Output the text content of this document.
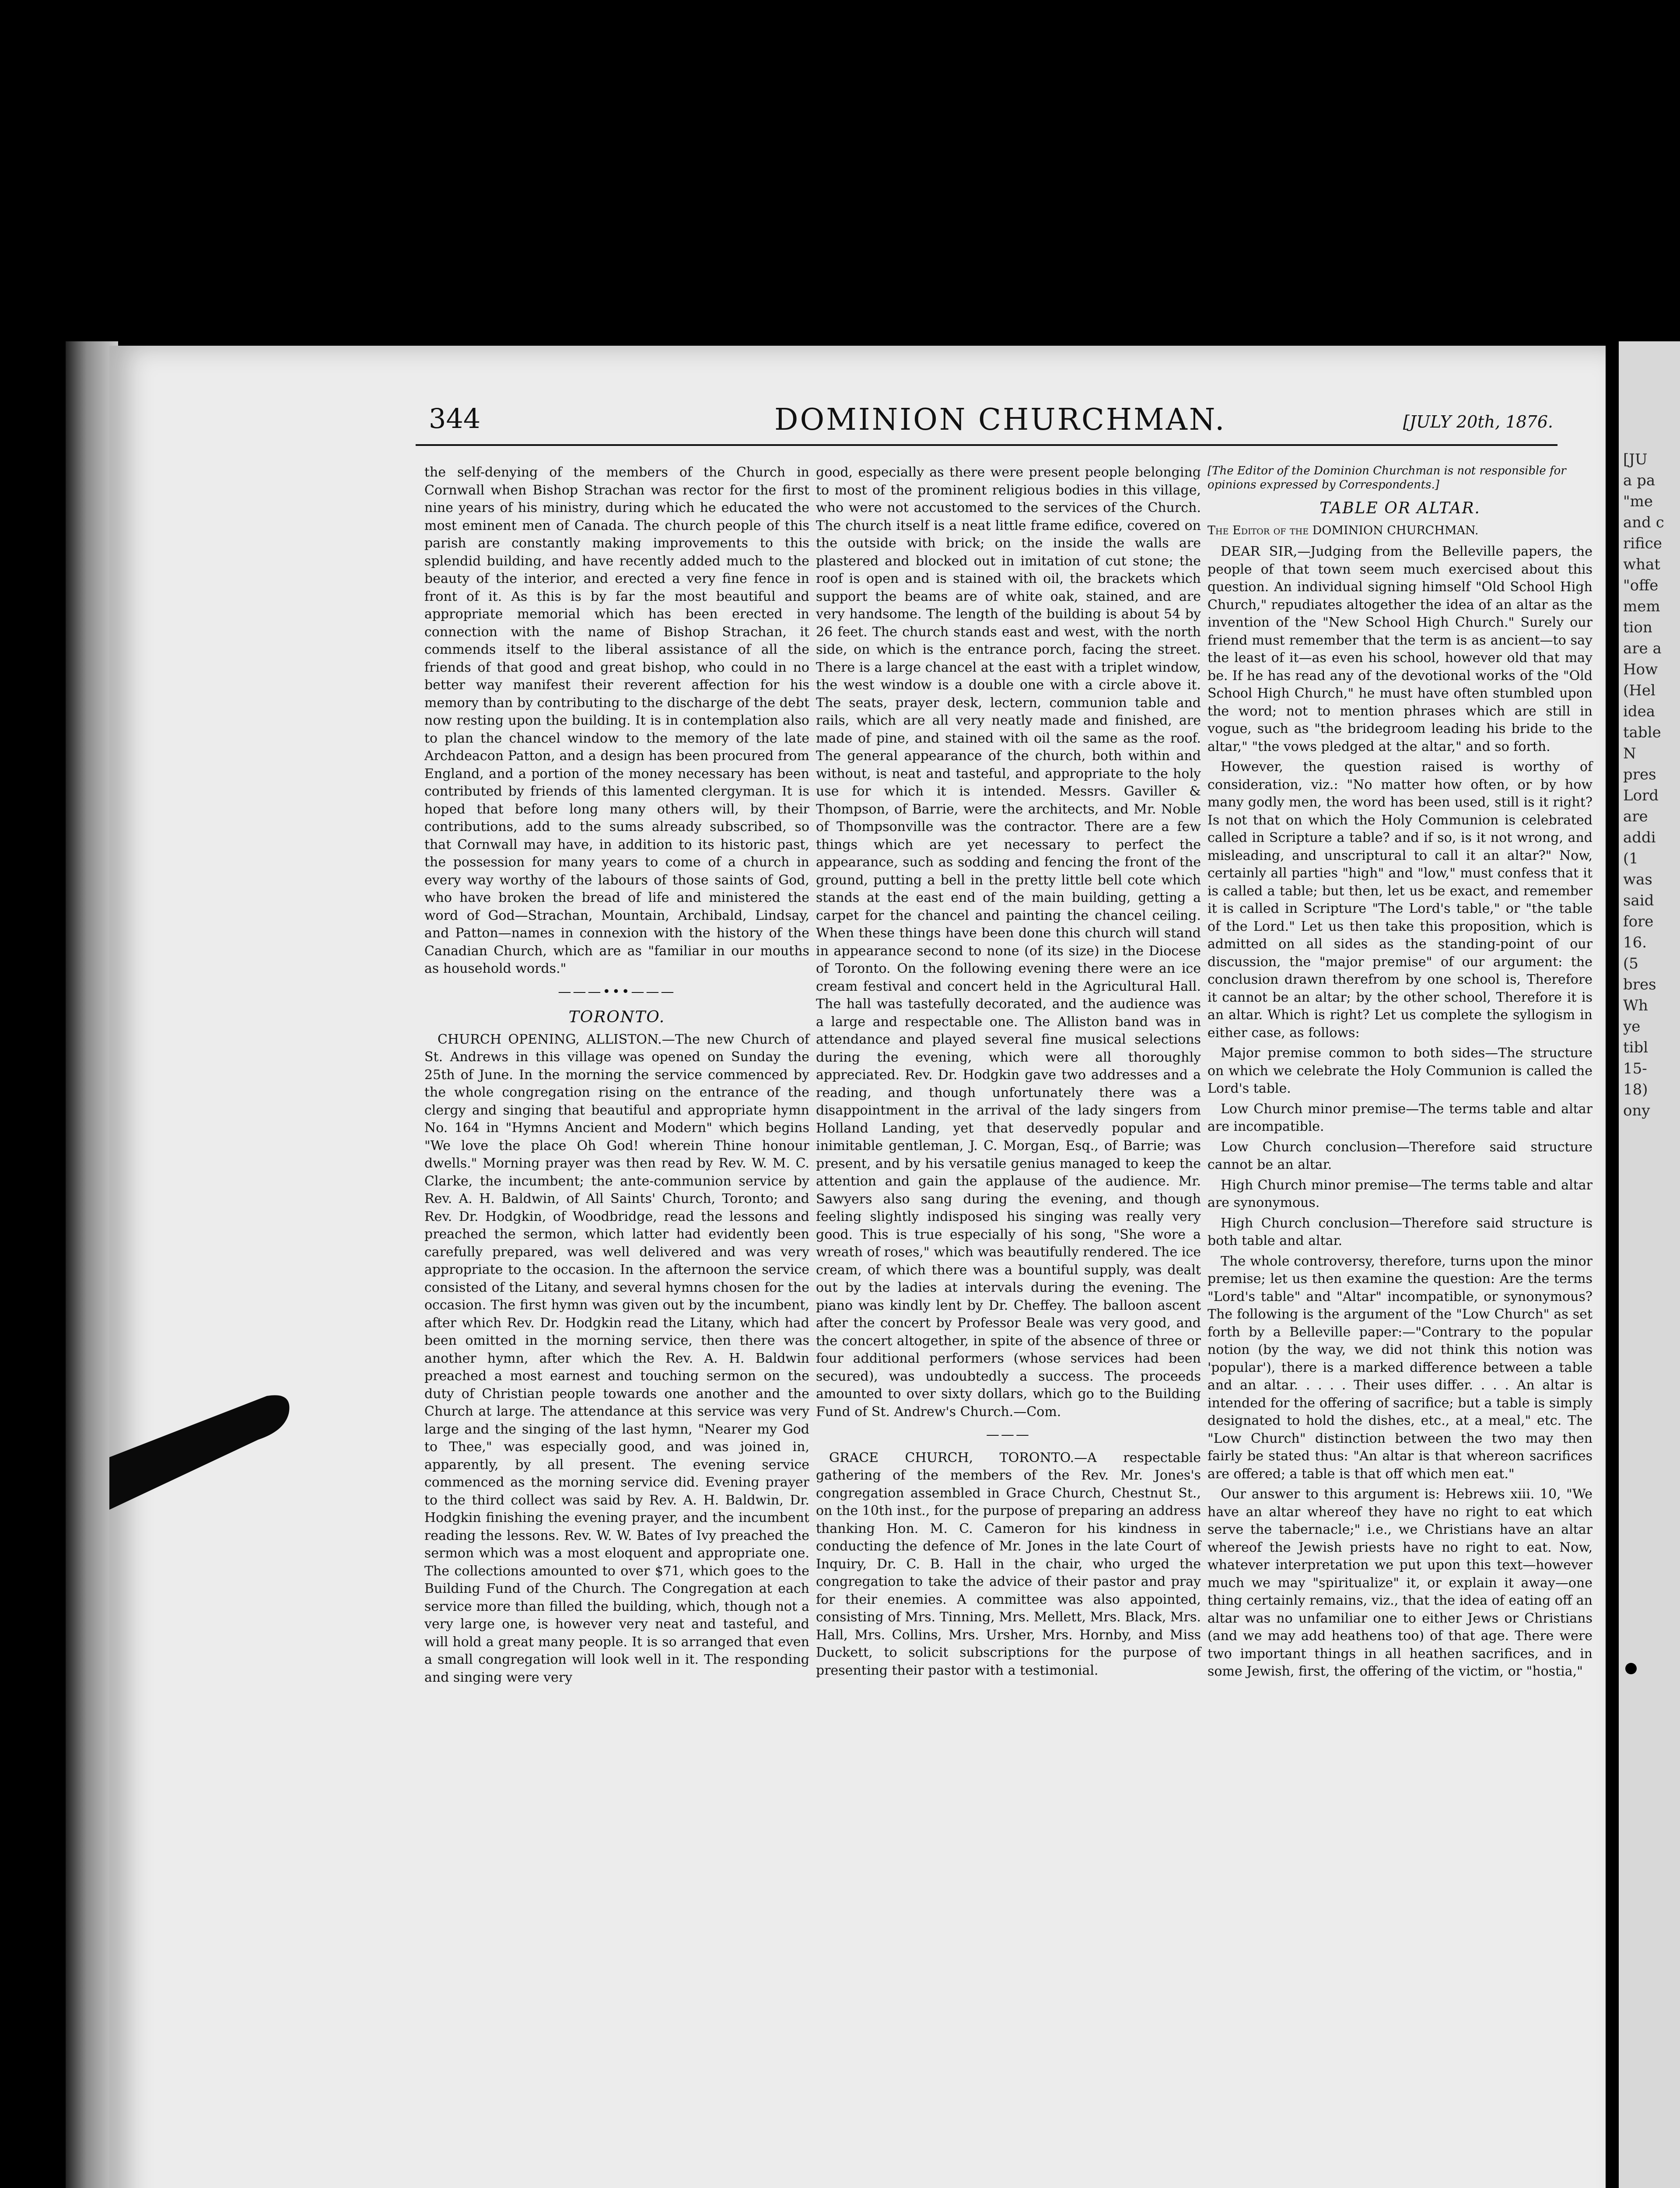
[JU
a pa
"me
and c
rifice
what
"offe
mem
tion
are a
How
(Hel
idea
table
N
pres
Lord
are
addi
(1
was
said
fore
16.
(5
bres
Wh
ye
tibl
15-
18)
ony
344	DOMINION CHURCHMAN.	[JULY 20th, 1876.

the self-denying of the members of the Church in Cornwall when Bishop Strachan was rector for the first nine years of his ministry, during which he educated the most eminent men of Canada. The church people of this parish are constantly making improvements to this splendid building, and have recently added much to the beauty of the interior, and erected a very fine fence in front of it. As this is by far the most beautiful and appropriate memorial which has been erected in connection with the name of Bishop Strachan, it commends itself to the liberal assistance of all the friends of that good and great bishop, who could in no better way manifest their reverent affection for his memory than by contributing to the discharge of the debt now resting upon the building. It is in contemplation also to plan the chancel window to the memory of the late Archdeacon Patton, and a design has been procured from England, and a portion of the money necessary has been contributed by friends of this lamented clergyman. It is hoped that before long many others will, by their contributions, add to the sums already subscribed, so that Cornwall may have, in addition to its historic past, the possession for many years to come of a church in every way worthy of the labours of those saints of God, who have broken the bread of life and ministered the word of God—Strachan, Mountain, Archibald, Lindsay, and Patton—names in connexion with the history of the Canadian Church, which are as "familiar in our mouths as household words."

———•••———
TORONTO.

CHURCH OPENING, ALLISTON.—The new Church of St. Andrews in this village was opened on Sunday the 25th of June. In the morning the service commenced by the whole congregation rising on the entrance of the clergy and singing that beautiful and appropriate hymn No. 164 in "Hymns Ancient and Modern" which begins "We love the place Oh God! wherein Thine honour dwells." Morning prayer was then read by Rev. W. M. C. Clarke, the incumbent; the ante-communion service by Rev. A. H. Baldwin, of All Saints' Church, Toronto; and Rev. Dr. Hodgkin, of Woodbridge, read the lessons and preached the sermon, which latter had evidently been carefully prepared, was well delivered and was very appropriate to the occasion. In the afternoon the service consisted of the Litany, and several hymns chosen for the occasion. The first hymn was given out by the incumbent, after which Rev. Dr. Hodgkin read the Litany, which had been omitted in the morning service, then there was another hymn, after which the Rev. A. H. Baldwin preached a most earnest and touching sermon on the duty of Christian people towards one another and the Church at large. The attendance at this service was very large and the singing of the last hymn, "Nearer my God to Thee," was especially good, and was joined in, apparently, by all present. The evening service commenced as the morning service did. Evening prayer to the third collect was said by Rev. A. H. Baldwin, Dr. Hodgkin finishing the evening prayer, and the incumbent reading the lessons. Rev. W. W. Bates of Ivy preached the sermon which was a most eloquent and appropriate one. The collections amounted to over $71, which goes to the Building Fund of the Church. The Congregation at each service more than filled the building, which, though not a very large one, is however very neat and tasteful, and will hold a great many people. It is so arranged that even a small congregation will look well in it. The responding and singing were very

good, especially as there were present people belonging to most of the prominent religious bodies in this village, who were not accustomed to the services of the Church. The church itself is a neat little frame edifice, covered on the outside with brick; on the inside the walls are plastered and blocked out in imitation of cut stone; the roof is open and is stained with oil, the brackets which support the beams are of white oak, stained, and are very handsome. The length of the building is about 54 by 26 feet. The church stands east and west, with the north side, on which is the entrance porch, facing the street. There is a large chancel at the east with a triplet window, the west window is a double one with a circle above it. The seats, prayer desk, lectern, communion table and rails, which are all very neatly made and finished, are made of pine, and stained with oil the same as the roof. The general appearance of the church, both within and without, is neat and tasteful, and appropriate to the holy use for which it is intended. Messrs. Gaviller & Thompson, of Barrie, were the architects, and Mr. Noble of Thompsonville was the contractor. There are a few things which are yet necessary to perfect the appearance, such as sodding and fencing the front of the ground, putting a bell in the pretty little bell cote which stands at the east end of the main building, getting a carpet for the chancel and painting the chancel ceiling. When these things have been done this church will stand in appearance second to none (of its size) in the Diocese of Toronto. On the following evening there were an ice cream festival and concert held in the Agricultural Hall. The hall was tastefully decorated, and the audience was a large and respectable one. The Alliston band was in attendance and played several fine musical selections during the evening, which were all thoroughly appreciated. Rev. Dr. Hodgkin gave two addresses and a reading, and though unfortunately there was a disappointment in the arrival of the lady singers from Holland Landing, yet that deservedly popular and inimitable gentleman, J. C. Morgan, Esq., of Barrie; was present, and by his versatile genius managed to keep the attention and gain the applause of the audience. Mr. Sawyers also sang during the evening, and though feeling slightly indisposed his singing was really very good. This is true especially of his song, "She wore a wreath of roses," which was beautifully rendered. The ice cream, of which there was a bountiful supply, was dealt out by the ladies at intervals during the evening. The piano was kindly lent by Dr. Cheffey. The balloon ascent after the concert by Professor Beale was very good, and the concert altogether, in spite of the absence of three or four additional performers (whose services had been secured), was undoubtedly a success. The proceeds amounted to over sixty dollars, which go to the Building Fund of St. Andrew's Church.—Com.

———

GRACE CHURCH, TORONTO.—A respectable gathering of the members of the Rev. Mr. Jones's congregation assembled in Grace Church, Chestnut St., on the 10th inst., for the purpose of preparing an address thanking Hon. M. C. Cameron for his kindness in conducting the defence of Mr. Jones in the late Court of Inquiry, Dr. C. B. Hall in the chair, who urged the congregation to take the advice of their pastor and pray for their enemies. A committee was also appointed, consisting of Mrs. Tinning, Mrs. Mellett, Mrs. Black, Mrs. Hall, Mrs. Collins, Mrs. Ursher, Mrs. Hornby, and Miss Duckett, to solicit subscriptions for the purpose of presenting their pastor with a testimonial.

[The Editor of the Dominion Churchman is not responsible for opinions expressed by Correspondents.]
TABLE OR ALTAR.
The Editor of the DOMINION CHURCHMAN.

DEAR SIR,—Judging from the Belleville papers, the people of that town seem much exercised about this question. An individual signing himself "Old School High Church," repudiates altogether the idea of an altar as the invention of the "New School High Church." Surely our friend must remember that the term is as ancient—to say the least of it—as even his school, however old that may be. If he has read any of the devotional works of the "Old School High Church," he must have often stumbled upon the word; not to mention phrases which are still in vogue, such as "the bridegroom leading his bride to the altar," "the vows pledged at the altar," and so forth.

However, the question raised is worthy of consideration, viz.: "No matter how often, or by how many godly men, the word has been used, still is it right? Is not that on which the Holy Communion is celebrated called in Scripture a table? and if so, is it not wrong, and misleading, and unscriptural to call it an altar?" Now, certainly all parties "high" and "low," must confess that it is called a table; but then, let us be exact, and remember it is called in Scripture "The Lord's table," or "the table of the Lord." Let us then take this proposition, which is admitted on all sides as the standing-point of our discussion, the "major premise" of our argument: the conclusion drawn therefrom by one school is, Therefore it cannot be an altar; by the other school, Therefore it is an altar. Which is right? Let us complete the syllogism in either case, as follows:

Major premise common to both sides—The structure on which we celebrate the Holy Communion is called the Lord's table.

Low Church minor premise—The terms table and altar are incompatible.

Low Church conclusion—Therefore said structure cannot be an altar.

High Church minor premise—The terms table and altar are synonymous.

High Church conclusion—Therefore said structure is both table and altar.

The whole controversy, therefore, turns upon the minor premise; let us then examine the question: Are the terms "Lord's table" and "Altar" incompatible, or synonymous? The following is the argument of the "Low Church" as set forth by a Belleville paper:—"Contrary to the popular notion (by the way, we did not think this notion was 'popular'), there is a marked difference between a table and an altar. . . . . Their uses differ. . . . An altar is intended for the offering of sacrifice; but a table is simply designated to hold the dishes, etc., at a meal," etc. The "Low Church" distinction between the two may then fairly be stated thus: "An altar is that whereon sacrifices are offered; a table is that off which men eat."

Our answer to this argument is: Hebrews xiii. 10, "We have an altar whereof they have no right to eat which serve the tabernacle;" i.e., we Christians have an altar whereof the Jewish priests have no right to eat. Now, whatever interpretation we put upon this text—however much we may "spiritualize" it, or explain it away—one thing certainly remains, viz., that the idea of eating off an altar was no unfamiliar one to either Jews or Christians (and we may add heathens too) of that age. There were two important things in all heathen sacrifices, and in some Jewish, first, the offering of the victim, or "hostia,"
